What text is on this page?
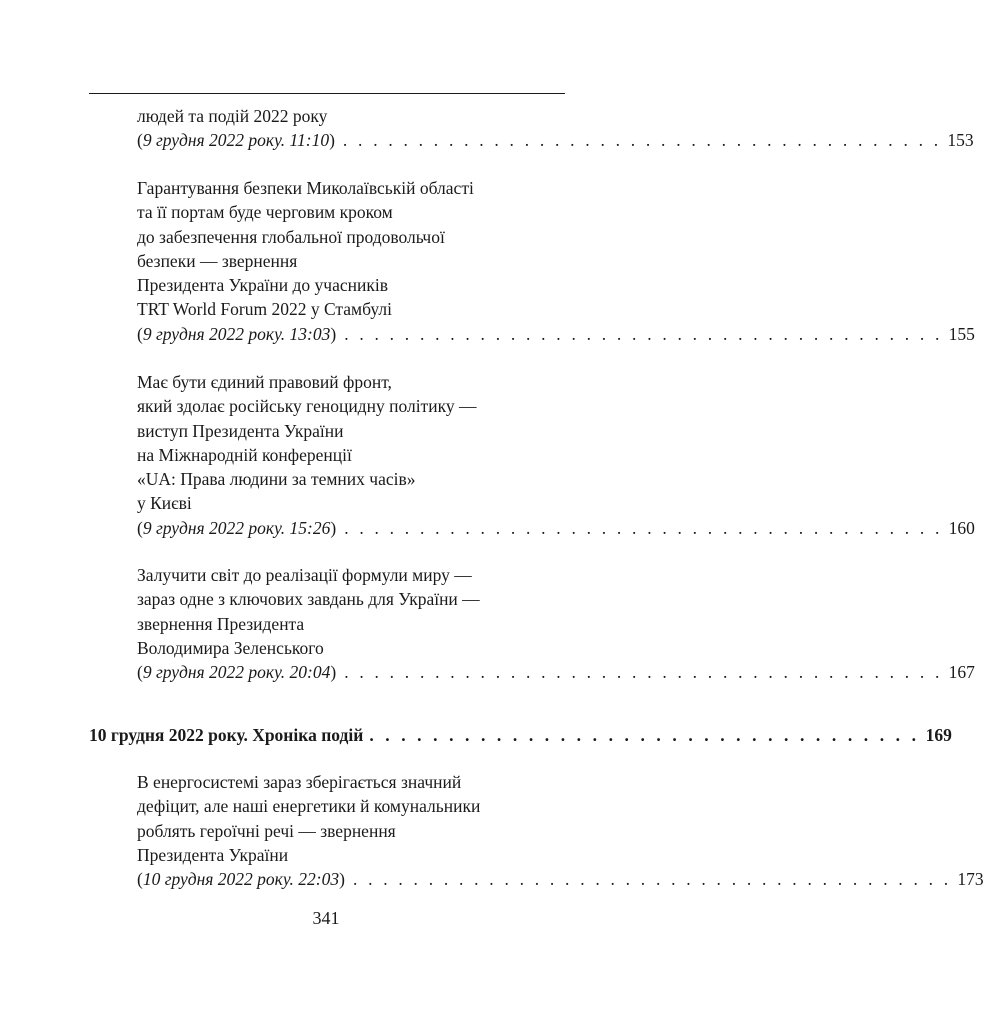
людей та подій 2022 року
(9 грудня 2022 року. 11:10) . . . . . . . . . . . . . . . . . . . . . . . . . . . . . . . . . . . . . . . . 153
Гарантування безпеки Миколаївській області
та її портам буде черговим кроком
до забезпечення глобальної продовольчої
безпеки — звернення
Президента України до учасників
TRT World Forum 2022 у Стамбулі
(9 грудня 2022 року. 13:03) . . . . . . . . . . . . . . . . . . . . . . . . . . . . . . . . . . . . . . . . 155
Має бути єдиний правовий фронт,
який здолає російську геноцидну політику —
виступ Президента України
на Міжнародній конференції
«UA: Права людини за темних часів»
у Києві
(9 грудня 2022 року. 15:26) . . . . . . . . . . . . . . . . . . . . . . . . . . . . . . . . . . . . . . . . 160
Залучити світ до реалізації формули миру —
зараз одне з ключових завдань для України —
звернення Президента
Володимира Зеленського
(9 грудня 2022 року. 20:04) . . . . . . . . . . . . . . . . . . . . . . . . . . . . . . . . . . . . . . . . 167
10 грудня 2022 року. Хроніка подій . . . . . . . . . . . . . . . . . . . . . . . . . . . . . . . . . . . 169
В енергосистемі зараз зберігається значний
дефіцит, але наші енергетики й комунальники
роблять героїчні речі — звернення
Президента України
(10 грудня 2022 року. 22:03) . . . . . . . . . . . . . . . . . . . . . . . . . . . . . . . . . . . . . . . . 173
341
